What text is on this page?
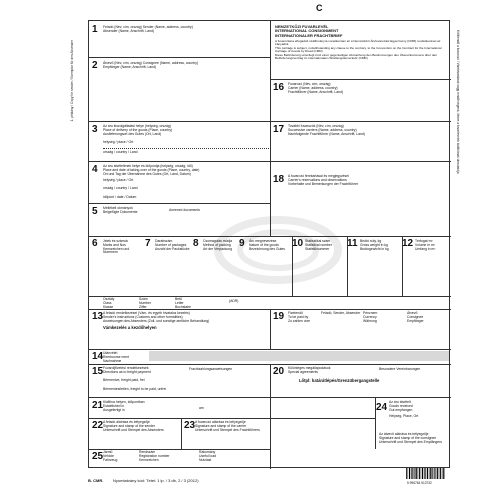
C
1. példány / Copy for sender / Exemplar für den Absender	Kitöltendő a fuvarozó / Vámhivatalnak vagy rendőrségnek, illetve a fuvarlevelek kiállítóinak útmutatója
1 Feladó (Név, cím, ország) Sender (Name, address, country)
Absender (Name, Anschrift, Land)
NEMZETKÖZI FUVARLEVÉL
INTERNATIONAL CONSIGNMENT
INTERNATIONALER FRACHTBRIEF
A fuvarozásra elfogadott szállítmányra vonatkozóan az a Nemzetközi Árufuvarozási Egyezmény (CMR) rendelkezései az irányadók
This carriage is subject, notwithstanding any clause to the contrary, to the Convention on the Contract for the International Carriage of Goods by Road (CMR)
Diese Beförderung unterliegt trotz einer gegenteiligen Abmachung den Bestimmungen des Übereinkommens über den Beförderungsvertrag im internationalen Straßengüterverkehr (CMR)
2 Átvevő (Név, cím, ország) Consignee (Name, address, country)
Empfänger (Name, Anschrift, Land)
16 Fuvarozó (Név, cím, ország)
Carrier (Name, address, country)
Frachtführer (Name, Anschrift, Land)
3 Az áru kiszolgáltatási helye (helység, ország)
Place of delivery of the goods (Place, country)
Auslieferungsort des Gutes (Ort, Land)
helység / place / Ort
ország / country / Land
17 További fuvarozók (Név, cím, ország)
Successive carriers (Name, address, country)
Nachfolgende Frachtführer (Name, Anschrift, Land)
4 Az áru átvételének helye és időpontja (helység, ország, idő)
Place and date of taking over of the goods (Place, country, date)
Ort und Tag der Übernahme des Gutes (Ort, Land, Datum)
helység / place / Ort
ország / country / Land
időpont / date / Datum
18 A fuvarozó fenntartásai és megjegyzései
Carrier's reservations and observations
Vorbehalte und Bemerkungen der Frachtführer
5 Mellékelt okmányok
Beigefügte Dokumente	Annexed documents
6 Jelek és számok
Marks and Nos
Kennzeichen und Nummern
7 Darabszám
Number of packages
Anzahl der Packstücke 8 Csomagolás módja
Method of packing
Art der Verpackung 9 Áru megnevezése
Nature of the goods
Bezeichnung des Gutes 10 Statisztikai szám
Statistical number
Statistiknummer	11 Bruttó súly, kg
Gross weight in kg
Bruttogewicht in kg	12 Térfogat m³
Volume in m³
Umfang in m³
Osztály
Class
Klasse
Szám
Number
Ziffer
Betű
Letter
Buchstabe
(ADR)
13 A feladó rendelkezései (Vám- és egyéb hivatalos kezelés)
Sender's instructions (Customs and other formalities)
Anweisungen des Absenders (Zoll- und sonstige amtliche Behandlung)
Vámkezelés a kezdőhelyen
19 Fizetendő
To be paid by
Zu zahlen vom
Feladó, Sender, Absender Pénznem
Currency
Währung
Átvevő
Consignee
Empfänger
14 Utánvétel
Rembourse ment
Nachnahme
15 Fuvardíjfizetési rendelkezések
Directions as to freight payment
Frachtzahlungsanweisungen
Bérmentve, freight paid, frei
Bérmentesítetlen, freight to be paid, unfrei
20 Különleges megállapodások
Special agreements
Besondere Vereinbarungen
Lőtpl: határátlépés/Grenzübergangstelle
21 Kiállítva helyen, időpontban
Established in
Ausgefertigt in	am	24 Az áru átvételt
Goods received
Gut empfangen
Helység, Place, Ort
22 A feladó aláírása és bélyegzője
Signature and stamp of the sender
Unterschrift und Stempel des Absenders	23 A fuvarozó aláírása és bélyegzője
Signature and stamp of the carrier
Unterschrift und Stempel des Frachtführers
Az átvevő aláírása és bélyegzője
Signature and stamp of the consignee
Unterschrift und Stempel des Empfängers
25 Jármű
Vehicle
Fahrzeug
Rendszám
Registration number
Kennzeichen
Rakomány
Useful load
Nutzlast
B. CMR. Nyomtatvány kód: Tétel: 1 lp. / 3 db, 2 / 3 (2012)	5 996764 513732
